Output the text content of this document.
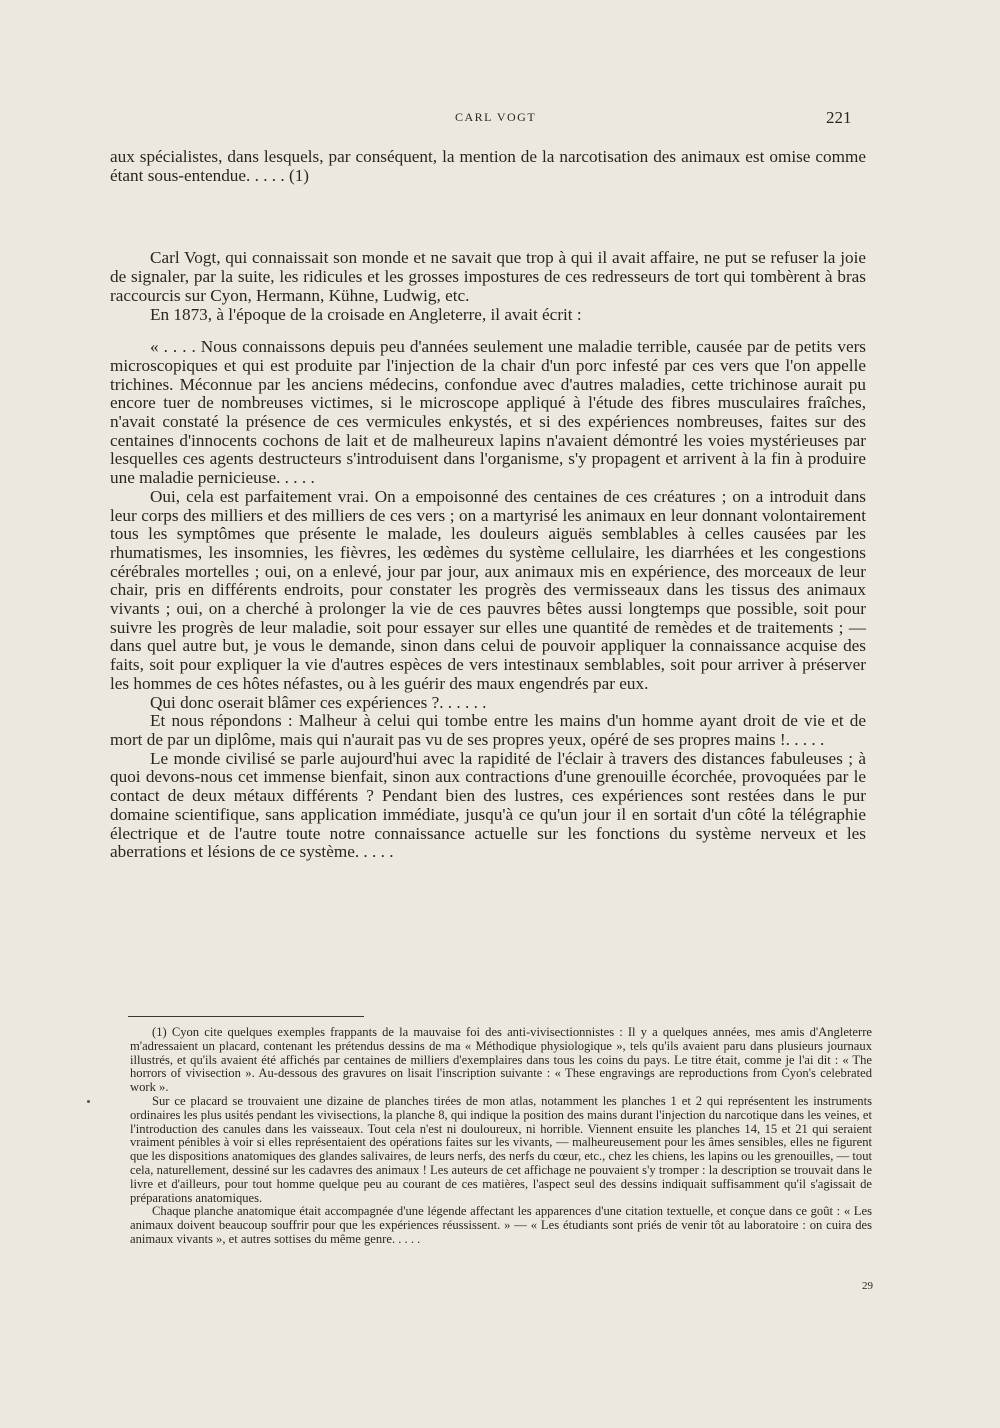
CARL VOGT	221

aux spécialistes, dans lesquels, par conséquent, la mention de la narcotisation des animaux est omise comme étant sous-entendue. . . . . (1)

Carl Vogt, qui connaissait son monde et ne savait que trop à qui il avait affaire, ne put se refuser la joie de signaler, par la suite, les ridicules et les grosses impostures de ces redresseurs de tort qui tombèrent à bras raccourcis sur Cyon, Hermann, Kühne, Ludwig, etc.

En 1873, à l'époque de la croisade en Angleterre, il avait écrit :

« . . . . Nous connaissons depuis peu d'années seulement une maladie terrible, causée par de petits vers microscopiques et qui est produite par l'injection de la chair d'un porc infesté par ces vers que l'on appelle trichines. Méconnue par les anciens médecins, confondue avec d'autres maladies, cette trichinose aurait pu encore tuer de nombreuses victimes, si le microscope appliqué à l'étude des fibres musculaires fraîches, n'avait constaté la présence de ces vermicules enkystés, et si des expériences nombreuses, faites sur des centaines d'innocents cochons de lait et de malheureux lapins n'avaient démontré les voies mystérieuses par lesquelles ces agents destructeurs s'introduisent dans l'organisme, s'y propagent et arrivent à la fin à produire une maladie pernicieuse. . . . .

Oui, cela est parfaitement vrai. On a empoisonné des centaines de ces créatures ; on a introduit dans leur corps des milliers et des milliers de ces vers ; on a martyrisé les animaux en leur donnant volontairement tous les symptômes que présente le malade, les douleurs aiguës semblables à celles causées par les rhumatismes, les insomnies, les fièvres, les œdèmes du système cellulaire, les diarrhées et les congestions cérébrales mortelles ; oui, on a enlevé, jour par jour, aux animaux mis en expérience, des morceaux de leur chair, pris en différents endroits, pour constater les progrès des vermisseaux dans les tissus des animaux vivants ; oui, on a cherché à prolonger la vie de ces pauvres bêtes aussi longtemps que possible, soit pour suivre les progrès de leur maladie, soit pour essayer sur elles une quantité de remèdes et de traitements ; — dans quel autre but, je vous le demande, sinon dans celui de pouvoir appliquer la connaissance acquise des faits, soit pour expliquer la vie d'autres espèces de vers intestinaux semblables, soit pour arriver à préserver les hommes de ces hôtes néfastes, ou à les guérir des maux engendrés par eux.

Qui donc oserait blâmer ces expériences ?. . . . . .

Et nous répondons : Malheur à celui qui tombe entre les mains d'un homme ayant droit de vie et de mort de par un diplôme, mais qui n'aurait pas vu de ses propres yeux, opéré de ses propres mains !. . . . .

Le monde civilisé se parle aujourd'hui avec la rapidité de l'éclair à travers des distances fabuleuses ; à quoi devons-nous cet immense bienfait, sinon aux contractions d'une grenouille écorchée, provoquées par le contact de deux métaux différents ? Pendant bien des lustres, ces expériences sont restées dans le pur domaine scientifique, sans application immédiate, jusqu'à ce qu'un jour il en sortait d'un côté la télégraphie électrique et de l'autre toute notre connaissance actuelle sur les fonctions du système nerveux et les aberrations et lésions de ce système. . . . .

(1) Cyon cite quelques exemples frappants de la mauvaise foi des anti-vivisectionnistes : Il y a quelques années, mes amis d'Angleterre m'adressaient un placard, contenant les prétendus dessins de ma « Méthodique physiologique », tels qu'ils avaient paru dans plusieurs journaux illustrés, et qu'ils avaient été affichés par centaines de milliers d'exemplaires dans tous les coins du pays. Le titre était, comme je l'ai dit : « The horrors of vivisection ». Au-dessous des gravures on lisait l'inscription suivante : « These engravings are reproductions from Cyon's celebrated work ».

Sur ce placard se trouvaient une dizaine de planches tirées de mon atlas, notamment les planches 1 et 2 qui représentent les instruments ordinaires les plus usités pendant les vivisections, la planche 8, qui indique la position des mains durant l'injection du narcotique dans les veines, et l'introduction des canules dans les vaisseaux. Tout cela n'est ni douloureux, ni horrible. Viennent ensuite les planches 14, 15 et 21 qui seraient vraiment pénibles à voir si elles représentaient des opérations faites sur les vivants, — malheureusement pour les âmes sensibles, elles ne figurent que les dispositions anatomiques des glandes salivaires, de leurs nerfs, des nerfs du cœur, etc., chez les chiens, les lapins ou les grenouilles, — tout cela, naturellement, dessiné sur les cadavres des animaux ! Les auteurs de cet affichage ne pouvaient s'y tromper : la description se trouvait dans le livre et d'ailleurs, pour tout homme quelque peu au courant de ces matières, l'aspect seul des dessins indiquait suffisamment qu'il s'agissait de préparations anatomiques.

Chaque planche anatomique était accompagnée d'une légende affectant les apparences d'une citation textuelle, et conçue dans ce goût : « Les animaux doivent beaucoup souffrir pour que les expériences réussissent. » — « Les étudiants sont priés de venir tôt au laboratoire : on cuira des animaux vivants », et autres sottises du même genre. . . . .

29
